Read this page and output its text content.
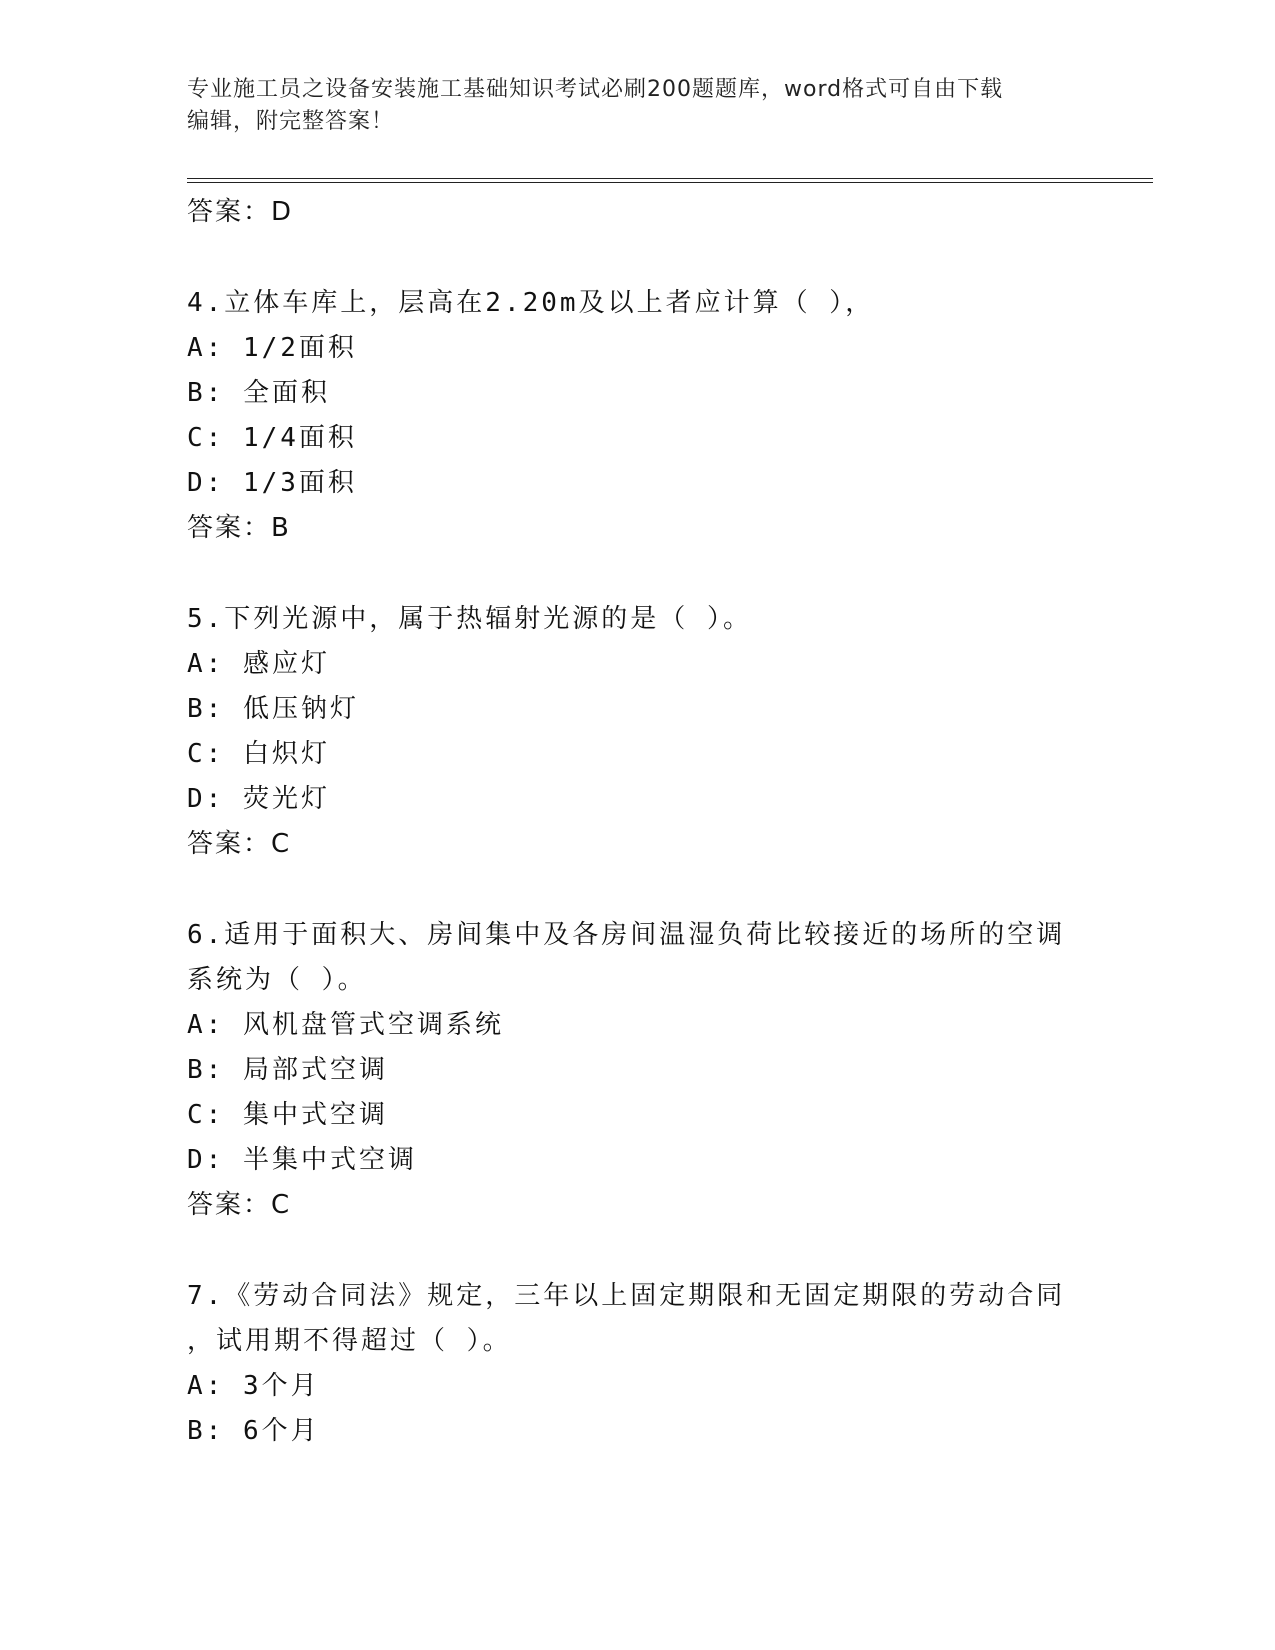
专业施工员之设备安装施工基础知识考试必刷200题题库，word格式可自由下载
编辑，附完整答案！
答案：D
4.立体车库上，层高在2.20m及以上者应计算（ ），
A: 1/2面积
B: 全面积
C: 1/4面积
D: 1/3面积
答案：B
5.下列光源中，属于热辐射光源的是（ ）。
A: 感应灯
B: 低压钠灯
C: 白炽灯
D: 荧光灯
答案：C
6.适用于面积大、房间集中及各房间温湿负荷比较接近的场所的空调
系统为（ ）。
A: 风机盘管式空调系统
B: 局部式空调
C: 集中式空调
D: 半集中式空调
答案：C
7.《劳动合同法》规定，三年以上固定期限和无固定期限的劳动合同
，试用期不得超过（ ）。
A: 3个月
B: 6个月
